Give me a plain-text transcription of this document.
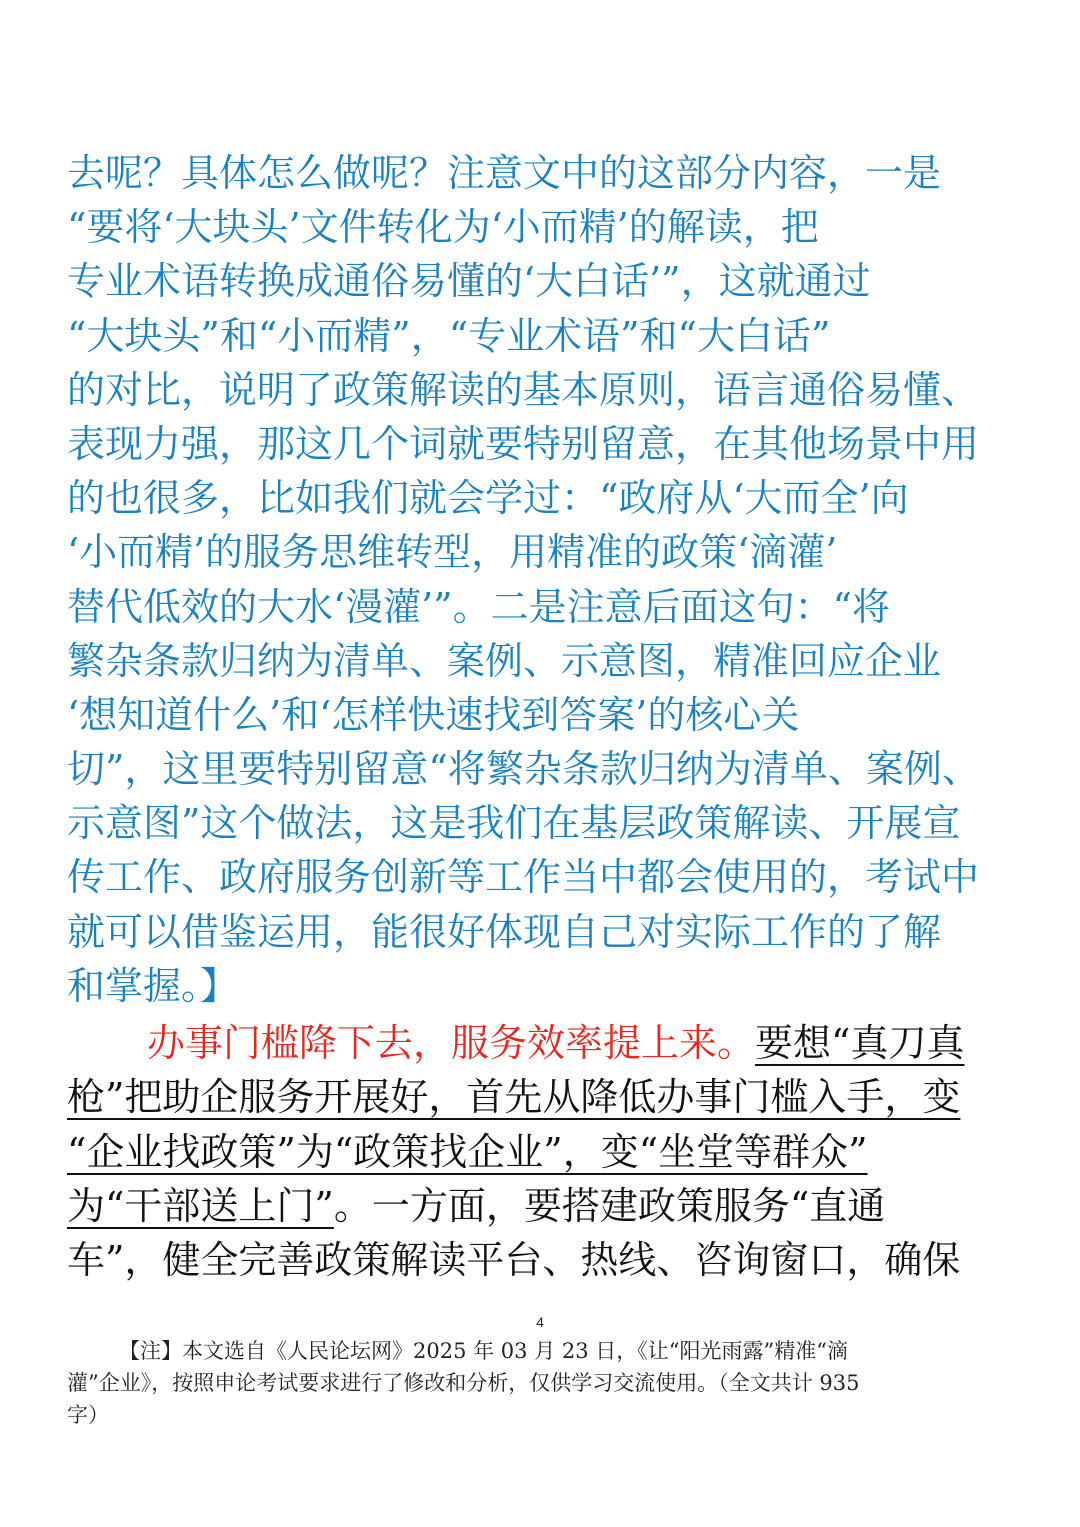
去呢？具体怎么做呢？注意文中的这部分内容，一是
“要将‘大块头’文件转化为‘小而精’的解读，把
专业术语转换成通俗易懂的‘大白话’”，这就通过
“大块头”和“小而精”，“专业术语”和“大白话”
的对比，说明了政策解读的基本原则，语言通俗易懂、
表现力强，那这几个词就要特别留意，在其他场景中用
的也很多，比如我们就会学过：“政府从‘大而全’向
‘小而精’的服务思维转型，用精准的政策‘滴灌’
替代低效的大水‘漫灌’”。二是注意后面这句：“将
繁杂条款归纳为清单、案例、示意图，精准回应企业
‘想知道什么’和‘怎样快速找到答案’的核心关
切”，这里要特别留意“将繁杂条款归纳为清单、案例、
示意图”这个做法，这是我们在基层政策解读、开展宣
传工作、政府服务创新等工作当中都会使用的，考试中
就可以借鉴运用，能很好体现自己对实际工作的了解
和掌握。】
办事门槛降下去，服务效率提上来。要想“真刀真
枪”把助企服务开展好，首先从降低办事门槛入手，变
“企业找政策”为“政策找企业”，变“坐堂等群众”
为“干部送上门”。一方面，要搭建政策服务“直通
车”，健全完善政策解读平台、热线、咨询窗口，确保
4
【注】本文选自《人民论坛网》2025 年 03 月 23 日，《让“阳光雨露”精准“滴
灌”企业》，按照申论考试要求进行了修改和分析，仅供学习交流使用。（全文共计 935
字）
